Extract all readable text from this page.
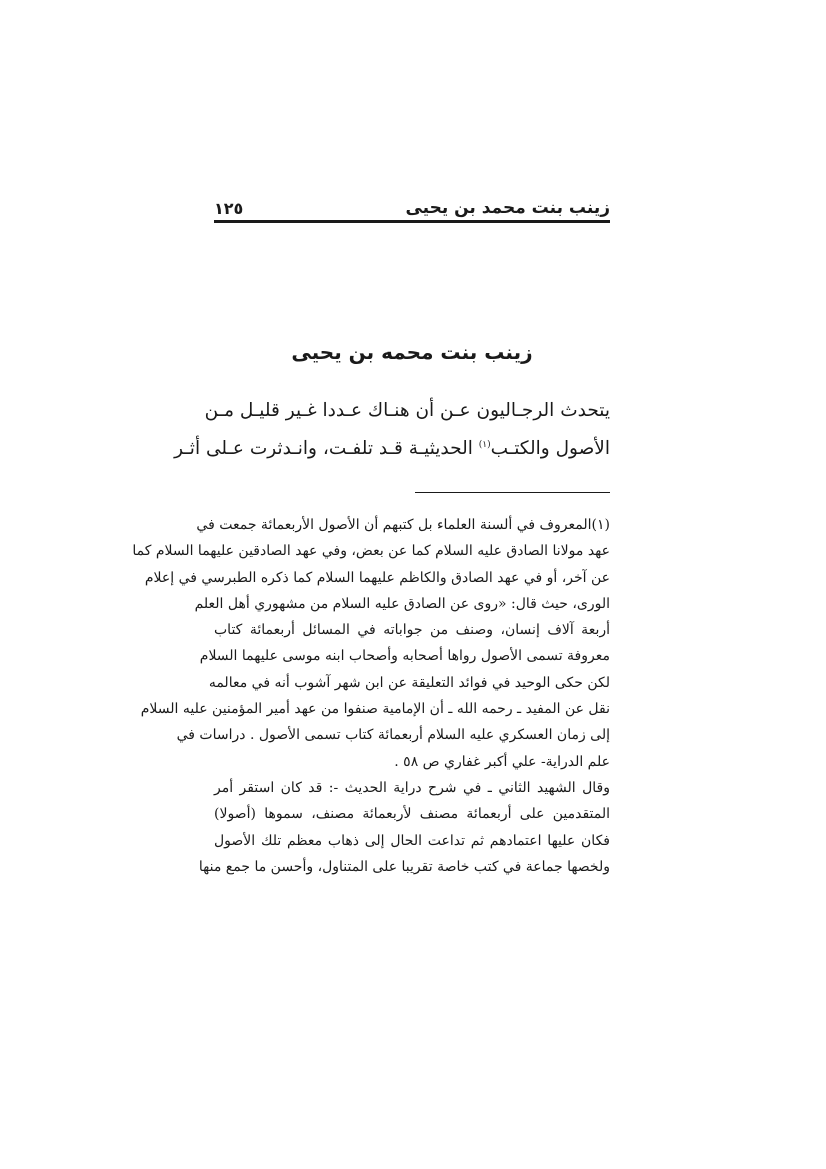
زينب بنت محمد بن يحيى
١٢٥
زينب بنت محمه بن يحيى
يتحدث الرجـاليون عـن أن هنـاك عـددا غـير قليـل مـن
الأصول والكتـب$^{(١)}$ الحديثيـة قـد تلفـت، وانـدثرت عـلى أثـر
(١)المعروف في ألسنة العلماء بل كتبهم أن الأصول الأربعمائة جمعت في
عهد مولانا الصادق عليه السلام كما عن بعض، وفي عهد الصادقين عليهما السلام كما
عن آخر، أو في عهد الصادق والكاظم عليهما السلام كما ذكره الطبرسي في إعلام
الورى، حيث قال: «روى عن الصادق عليه السلام من مشهوري أهل العلم
أربعة آلاف إنسان، وصنف من جواباته في المسائل أربعمائة كتاب
معروفة تسمى الأصول رواها أصحابه وأصحاب ابنه موسى عليهما السلام
لكن حكى الوحيد في فوائد التعليقة عن ابن شهر آشوب أنه في معالمه
نقل عن المفيد ـ رحمه الله ـ أن الإمامية صنفوا من عهد أمير المؤمنين عليه السلام
إلى زمان العسكري عليه السلام أربعمائة كتاب تسمى الأصول . دراسات في
علم الدراية- علي أكبر غفاري ص ٥٨ .
وقال الشهيد الثاني ـ في شرح دراية الحديث -: قد كان استقر أمر
المتقدمين على أربعمائة مصنف لأربعمائة مصنف، سموها (أصولا)
فكان عليها اعتمادهم ثم تداعت الحال إلى ذهاب معظم تلك الأصول
ولخصها جماعة في كتب خاصة تقريبا على المتناول، وأحسن ما جمع منها
